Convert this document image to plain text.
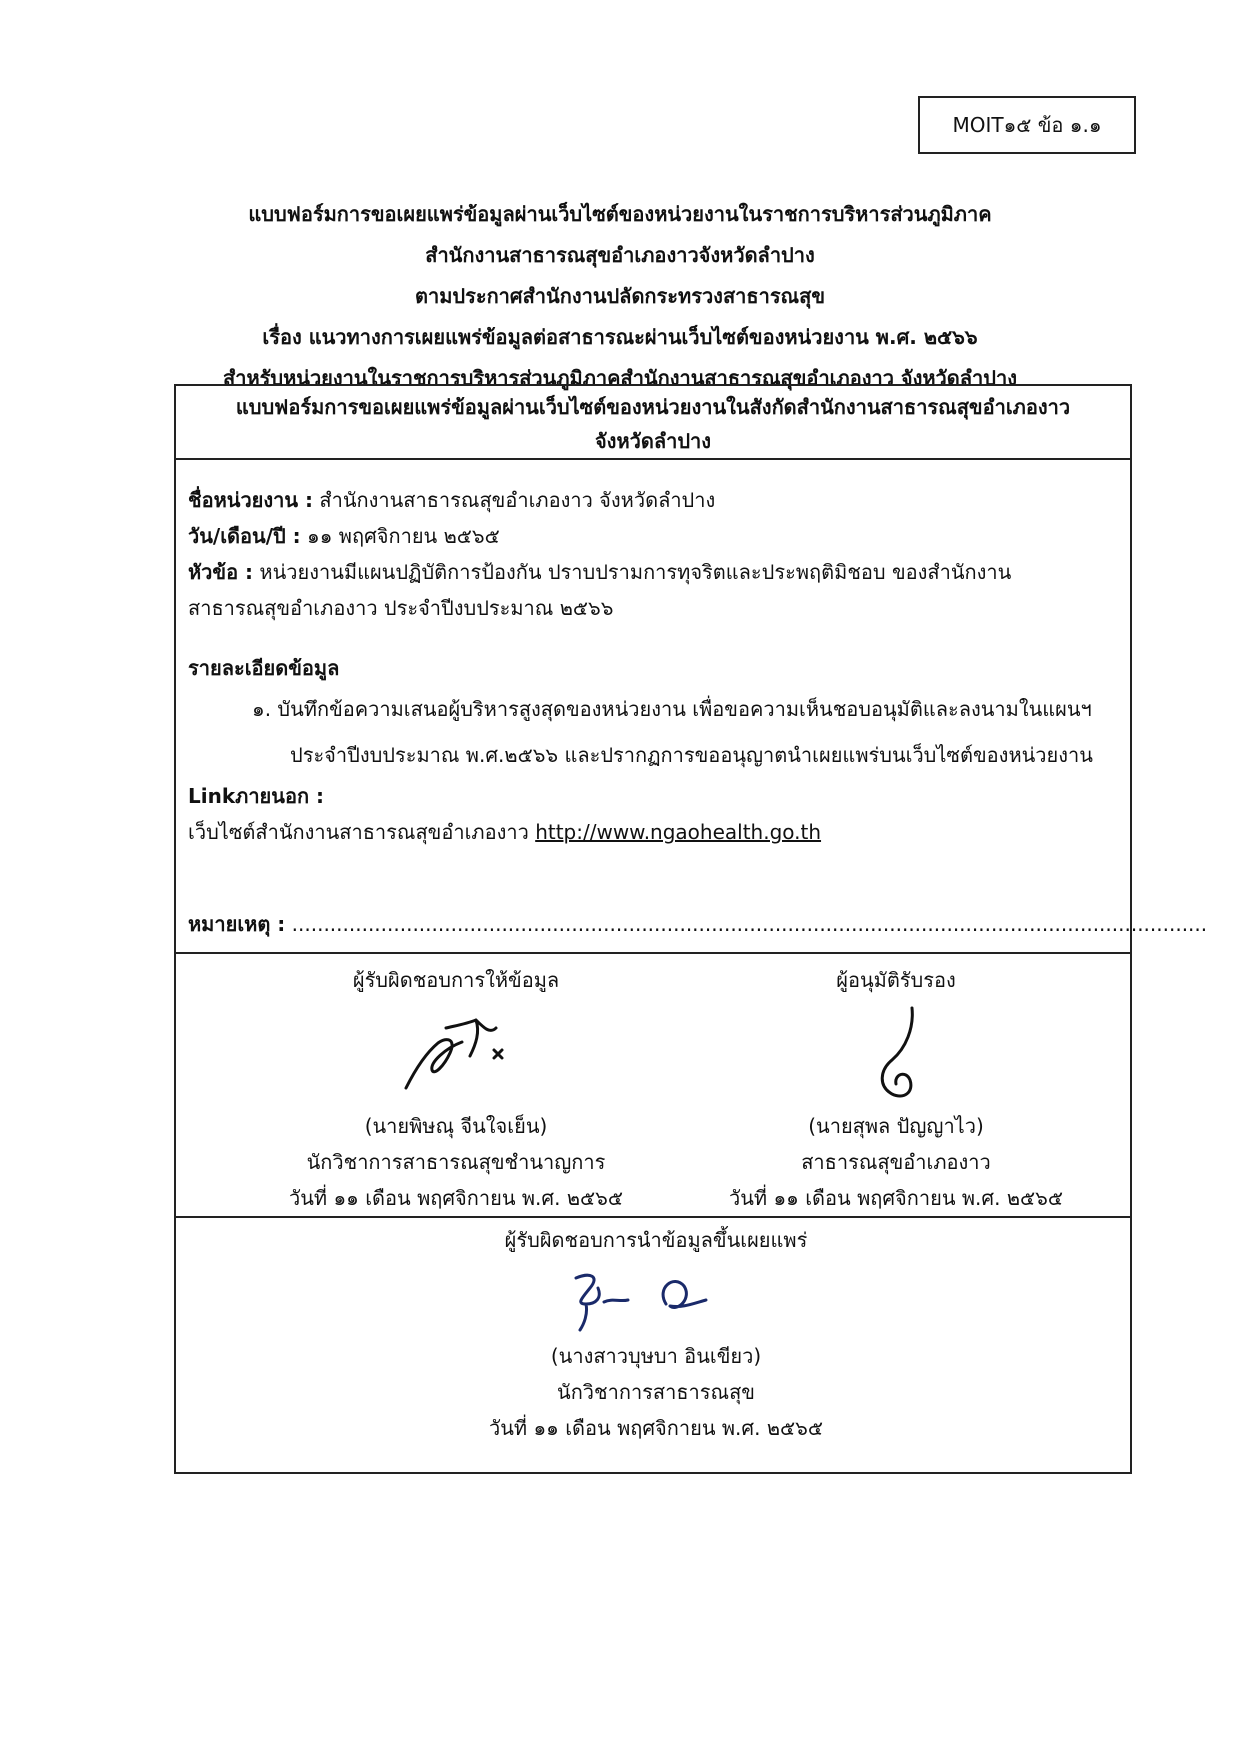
MOIT๑๕ ข้อ ๑.๑
แบบฟอร์มการขอเผยแพร่ข้อมูลผ่านเว็บไซต์ของหน่วยงานในราชการบริหารส่วนภูมิภาค
สำนักงานสาธารณสุขอำเภองาวจังหวัดลำปาง
ตามประกาศสำนักงานปลัดกระทรวงสาธารณสุข
เรื่อง แนวทางการเผยแพร่ข้อมูลต่อสาธารณะผ่านเว็บไซต์ของหน่วยงาน พ.ศ. ๒๕๖๖
สำหรับหน่วยงานในราชการบริหารส่วนภูมิภาคสำนักงานสาธารณสุขอำเภองาว จังหวัดลำปาง
แบบฟอร์มการขอเผยแพร่ข้อมูลผ่านเว็บไซต์ของหน่วยงานในสังกัดสำนักงานสาธารณสุขอำเภองาว
จังหวัดลำปาง
ชื่อหน่วยงาน : สำนักงานสาธารณสุขอำเภองาว จังหวัดลำปาง
วัน/เดือน/ปี : ๑๑ พฤศจิกายน ๒๕๖๕
หัวข้อ : หน่วยงานมีแผนปฏิบัติการป้องกัน ปราบปรามการทุจริตและประพฤติมิชอบ ของสำนักงาน
สาธารณสุขอำเภองาว ประจำปีงบประมาณ ๒๕๖๖
รายละเอียดข้อมูล
๑. บันทึกข้อความเสนอผู้บริหารสูงสุดของหน่วยงาน เพื่อขอความเห็นชอบอนุมัติและลงนามในแผนฯ
ประจำปีงบประมาณ พ.ศ.๒๕๖๖ และปรากฏการขออนุญาตนำเผยแพร่บนเว็บไซต์ของหน่วยงาน
Linkภายนอก :
เว็บไซต์สำนักงานสาธารณสุขอำเภองาว http://www.ngaohealth.go.th
หมายเหตุ : ................................................................................................................................................
ผู้รับผิดชอบการให้ข้อมูล
(นายพิษณุ จีนใจเย็น)
นักวิชาการสาธารณสุขชำนาญการ
วันที่ ๑๑ เดือน พฤศจิกายน พ.ศ. ๒๕๖๕
ผู้อนุมัติรับรอง
(นายสุพล ปัญญาไว)
สาธารณสุขอำเภองาว
วันที่ ๑๑ เดือน พฤศจิกายน พ.ศ. ๒๕๖๕
ผู้รับผิดชอบการนำข้อมูลขึ้นเผยแพร่
(นางสาวบุษบา อินเขียว)
นักวิชาการสาธารณสุข
วันที่ ๑๑ เดือน พฤศจิกายน พ.ศ. ๒๕๖๕
